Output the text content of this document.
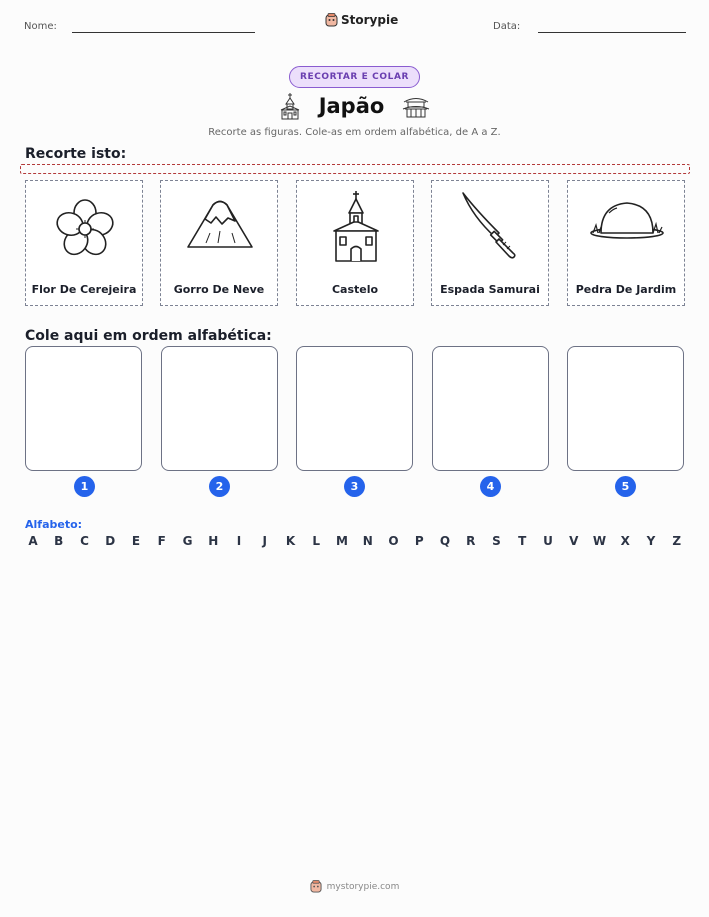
Nome:	Storypie	Data:
RECORTAR E COLAR
Japão
Recorte as figuras. Cole-as em ordem alfabética, de A a Z.
Recorte isto:
Flor De Cerejeira	Gorro De Neve	Castelo	Espada Samurai	Pedra De Jardim
Cole aqui em ordem alfabética:
1	2	3	4	5
Alfabeto:
A B C D	E	F	G H	I	J	K	L	M N O P	Q R	S	T	U V W X	Y	Z
mystorypie.com
